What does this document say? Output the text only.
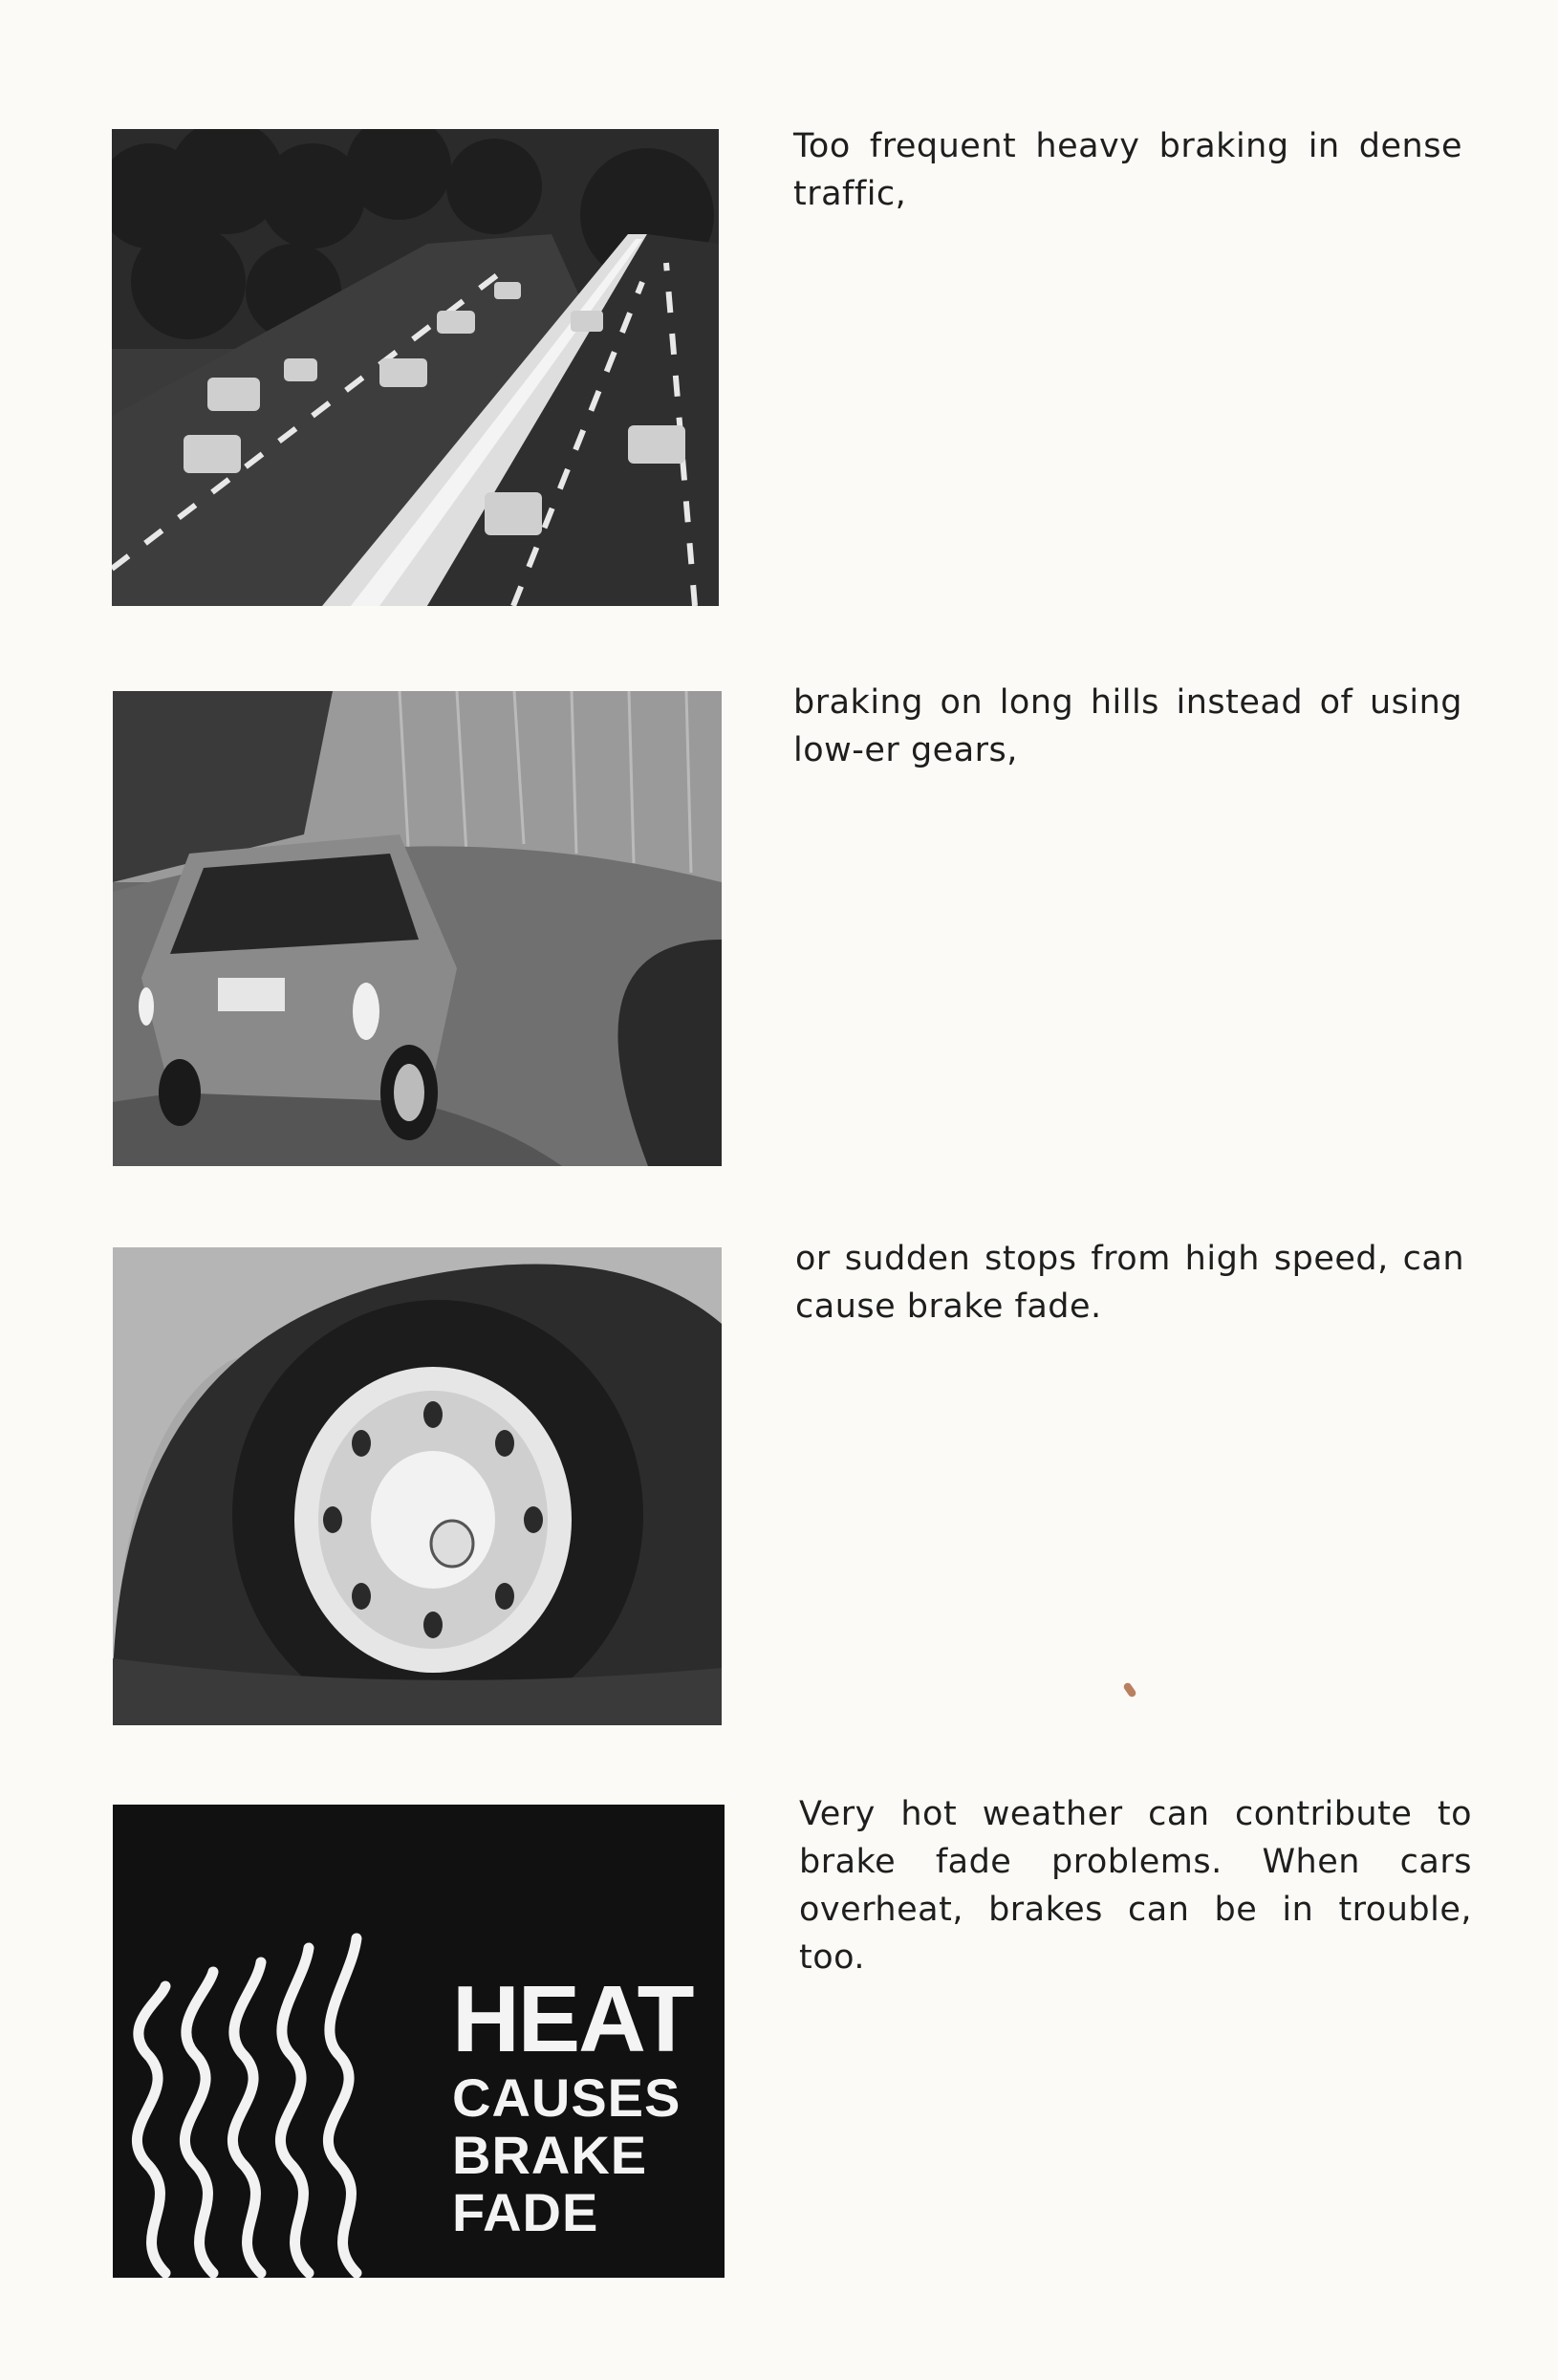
Too frequent heavy braking in dense traffic,
braking on long hills instead of using low-er gears,
or sudden stops from high speed, can cause brake fade.
HEAT
CAUSES
BRAKE
FADE
Very hot weather can contribute to brake fade problems. When cars overheat, brakes can be in trouble, too.
